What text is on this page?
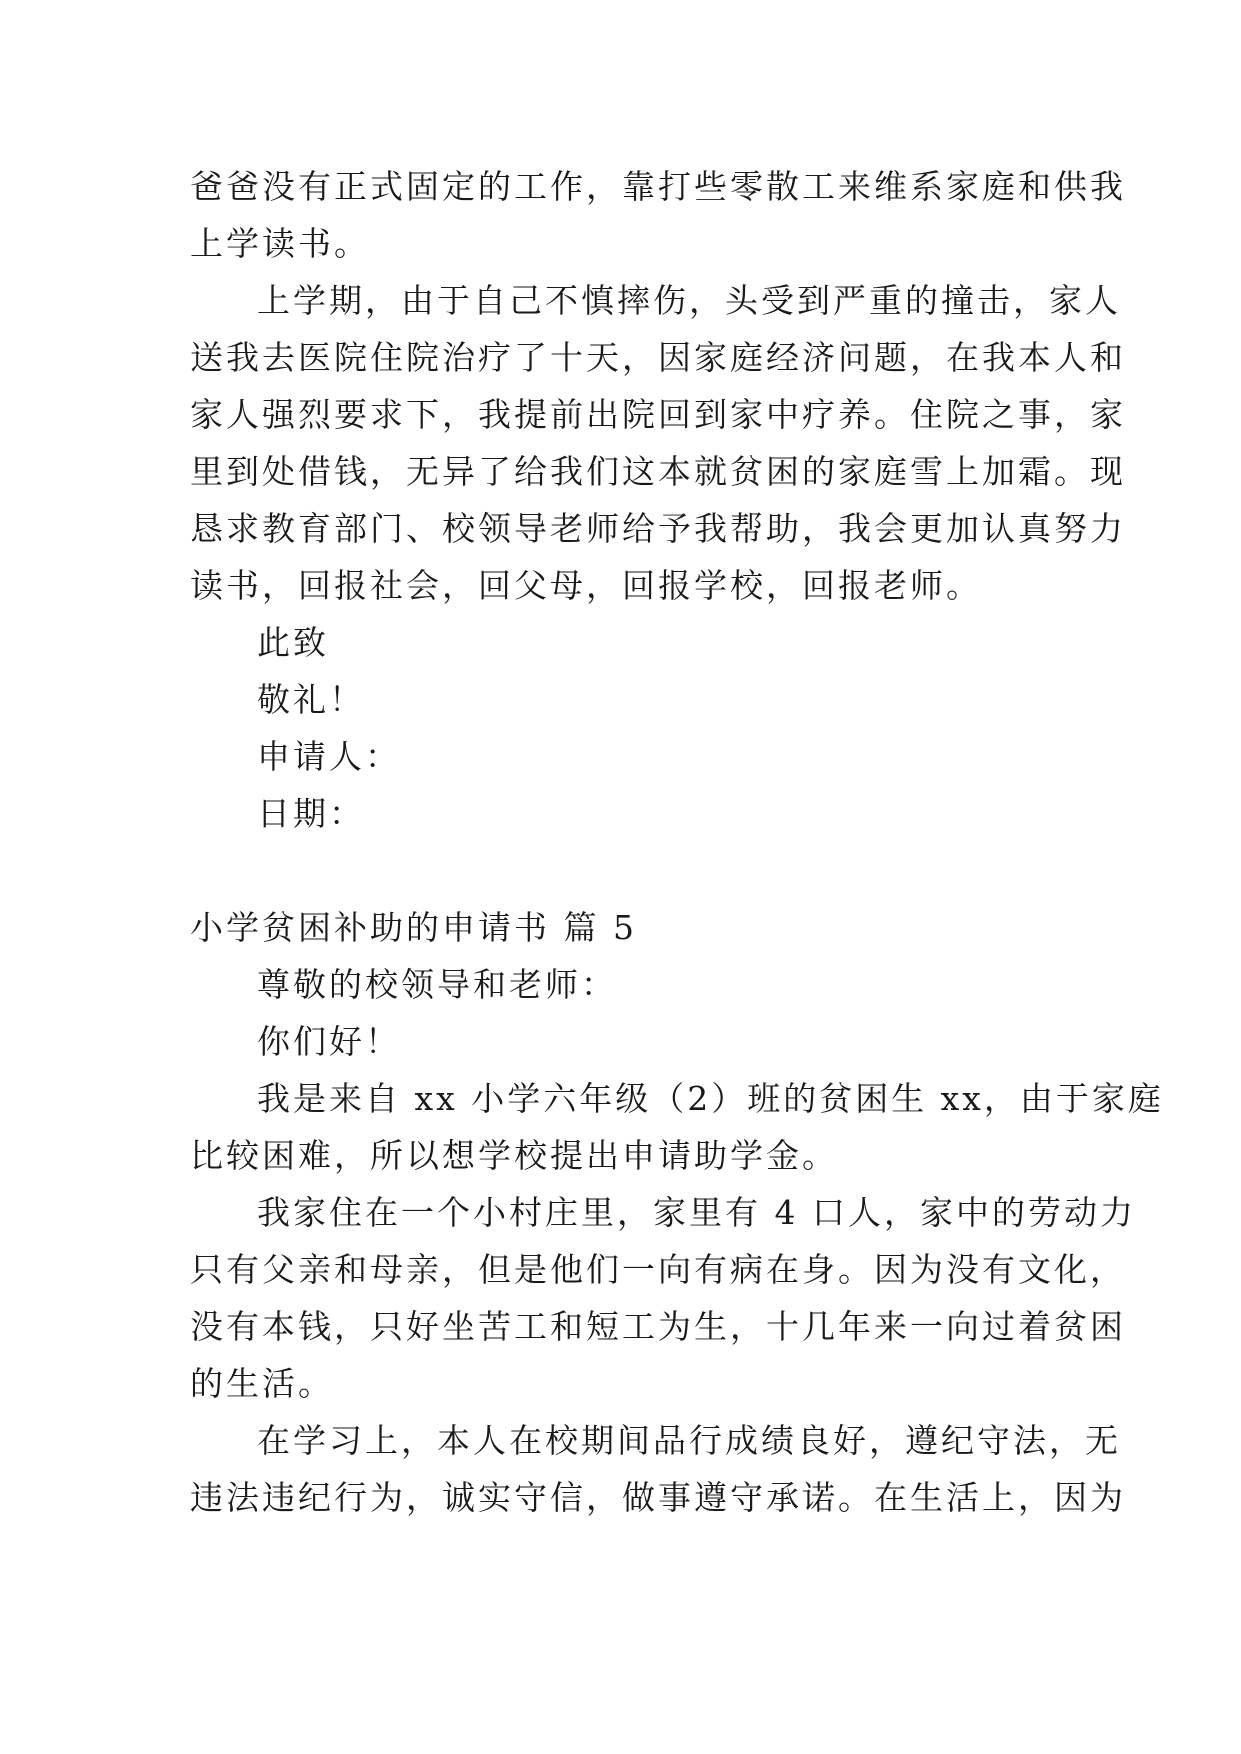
爸爸没有正式固定的工作，靠打些零散工来维系家庭和供我
上学读书。
上学期，由于自己不慎摔伤，头受到严重的撞击，家人
送我去医院住院治疗了十天，因家庭经济问题，在我本人和
家人强烈要求下，我提前出院回到家中疗养。住院之事，家
里到处借钱，无异了给我们这本就贫困的家庭雪上加霜。现
恳求教育部门、校领导老师给予我帮助，我会更加认真努力
读书，回报社会，回父母，回报学校，回报老师。
此致
敬礼！
申请人：
日期：
小学贫困补助的申请书 篇 5
尊敬的校领导和老师：
你们好！
我是来自 xx 小学六年级（2）班的贫困生 xx，由于家庭
比较困难，所以想学校提出申请助学金。
我家住在一个小村庄里，家里有 4 口人，家中的劳动力
只有父亲和母亲，但是他们一向有病在身。因为没有文化，
没有本钱，只好坐苦工和短工为生，十几年来一向过着贫困
的生活。
在学习上，本人在校期间品行成绩良好，遵纪守法，无
违法违纪行为，诚实守信，做事遵守承诺。在生活上，因为
